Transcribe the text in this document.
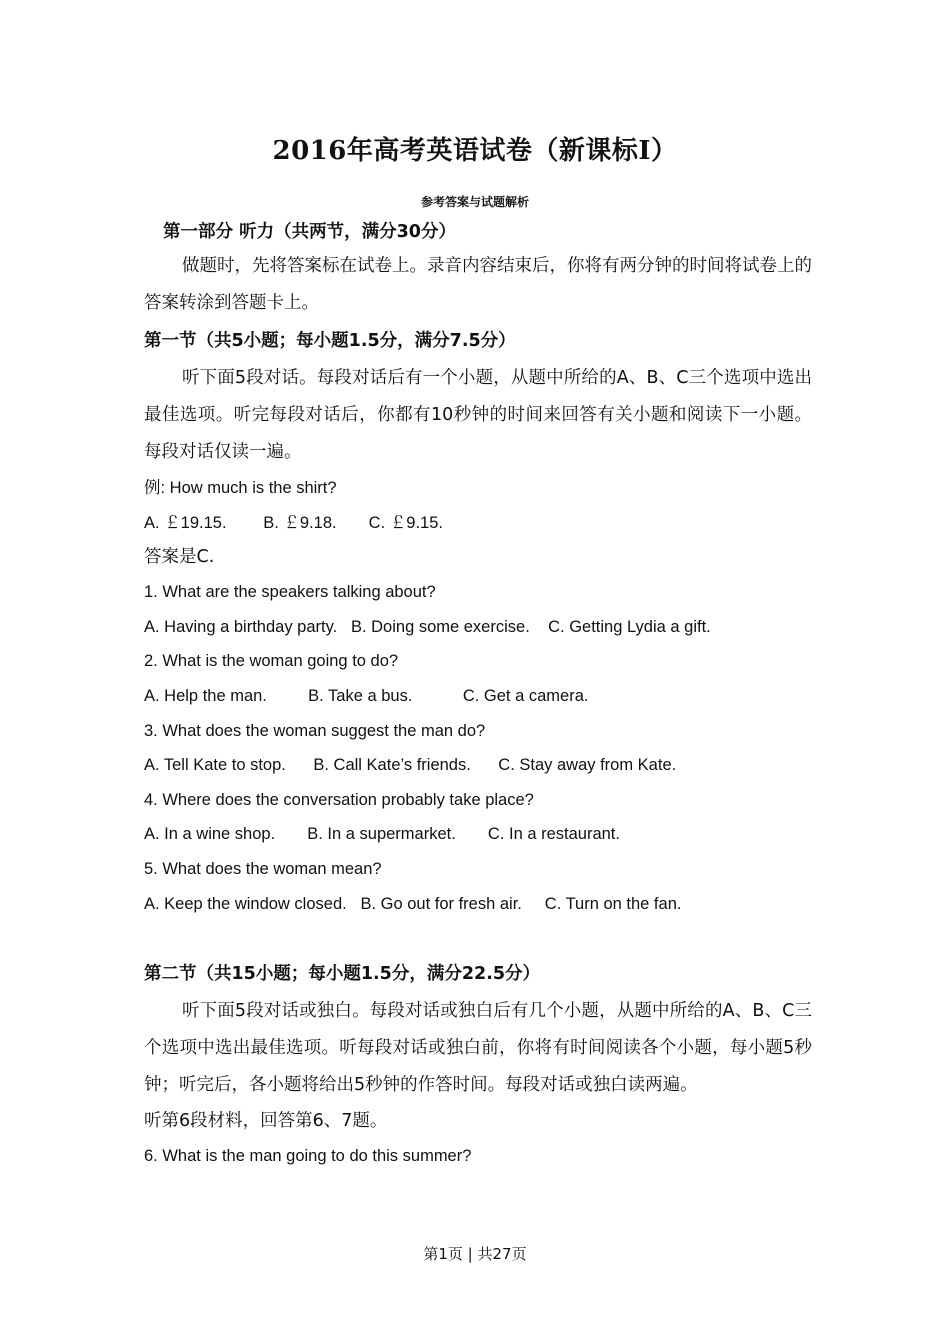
2016年高考英语试卷（新课标Ⅰ）
参考答案与试题解析
第一部分 听力（共两节，满分30分）
做题时，先将答案标在试卷上。录音内容结束后，你将有两分钟的时间将试卷上的答案转涂到答题卡上。
第一节（共5小题；每小题1.5分，满分7.5分）
听下面5段对话。每段对话后有一个小题，从题中所给的A、B、C三个选项中选出最佳选项。听完每段对话后，你都有10秒钟的时间来回答有关小题和阅读下一小题。每段对话仅读一遍。
例: How much is the shirt?
A. ￡19.15.        B. ￡9.18.       C. ￡9.15.
答案是C.
1. What are the speakers talking about?
A. Having a birthday party.   B. Doing some exercise.    C. Getting Lydia a gift.
2. What is the woman going to do?
A. Help the man.         B. Take a bus.           C. Get a camera.
3. What does the woman suggest the man do?
A. Tell Kate to stop.      B. Call Kate’s friends.      C. Stay away from Kate.
4. Where does the conversation probably take place?
A. In a wine shop.       B. In a supermarket.       C. In a restaurant.
5. What does the woman mean?
A. Keep the window closed.   B. Go out for fresh air.     C. Turn on the fan.
第二节（共15小题；每小题1.5分，满分22.5分）
听下面5段对话或独白。每段对话或独白后有几个小题，从题中所给的A、B、C三个选项中选出最佳选项。听每段对话或独白前，你将有时间阅读各个小题，每小题5秒钟；听完后，各小题将给出5秒钟的作答时间。每段对话或独白读两遍。
听第6段材料，回答第6、7题。
6. What is the man going to do this summer?
第1页 | 共27页
